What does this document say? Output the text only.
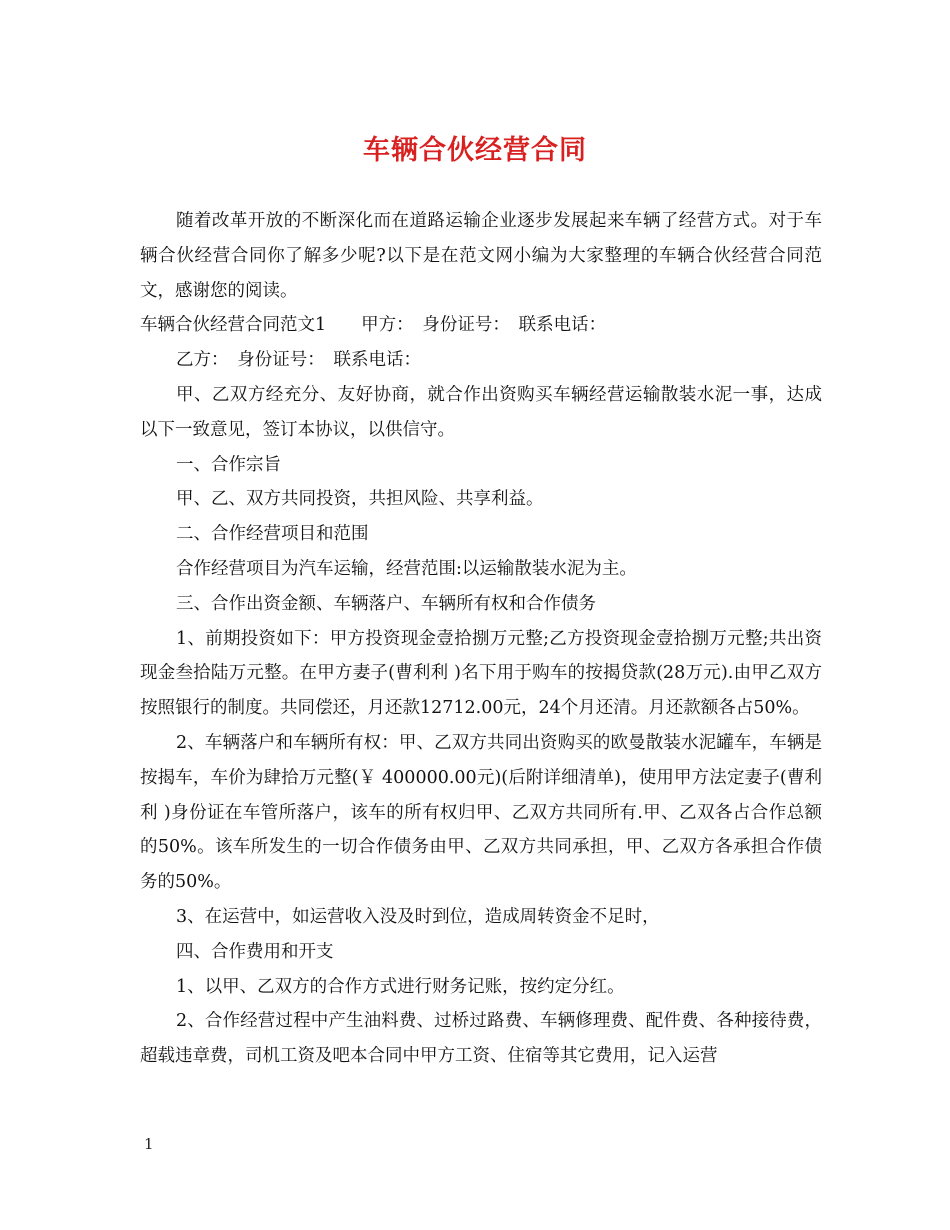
车辆合伙经营合同

随着改革开放的不断深化而在道路运输企业逐步发展起来车辆了经营方式。对于车辆合伙经营合同你了解多少呢?以下是在范文网小编为大家整理的车辆合伙经营合同范文，感谢您的阅读。

车辆合伙经营合同范文1　　甲方：　身份证号：　联系电话：

乙方：　身份证号：　联系电话：

甲、乙双方经充分、友好协商，就合作出资购买车辆经营运输散装水泥一事，达成以下一致意见，签订本协议，以供信守。

一、合作宗旨

甲、乙、双方共同投资，共担风险、共享利益。

二、合作经营项目和范围

合作经营项目为汽车运输，经营范围:以运输散装水泥为主。

三、合作出资金额、车辆落户、车辆所有权和合作债务

1、前期投资如下：甲方投资现金壹拾捌万元整;乙方投资现金壹拾捌万元整;共出资现金叁拾陆万元整。在甲方妻子(曹利利 )名下用于购车的按揭贷款(28万元).由甲乙双方按照银行的制度。共同偿还，月还款12712.00元，24个月还清。月还款额各占50%。

2、车辆落户和车辆所有权：甲、乙双方共同出资购买的欧曼散装水泥罐车，车辆是按揭车，车价为肆拾万元整(￥ 400000.00元)(后附详细清单)，使用甲方法定妻子(曹利利 )身份证在车管所落户，该车的所有权归甲、乙双方共同所有.甲、乙双各占合作总额的50%。该车所发生的一切合作债务由甲、乙双方共同承担，甲、乙双方各承担合作债务的50%。

3、在运营中，如运营收入没及时到位，造成周转资金不足时，

四、合作费用和开支

1、以甲、乙双方的合作方式进行财务记账，按约定分红。

2、合作经营过程中产生油料费、过桥过路费、车辆修理费、配件费、各种接待费，超载违章费，司机工资及吧本合同中甲方工资、住宿等其它费用，记入运营

1
